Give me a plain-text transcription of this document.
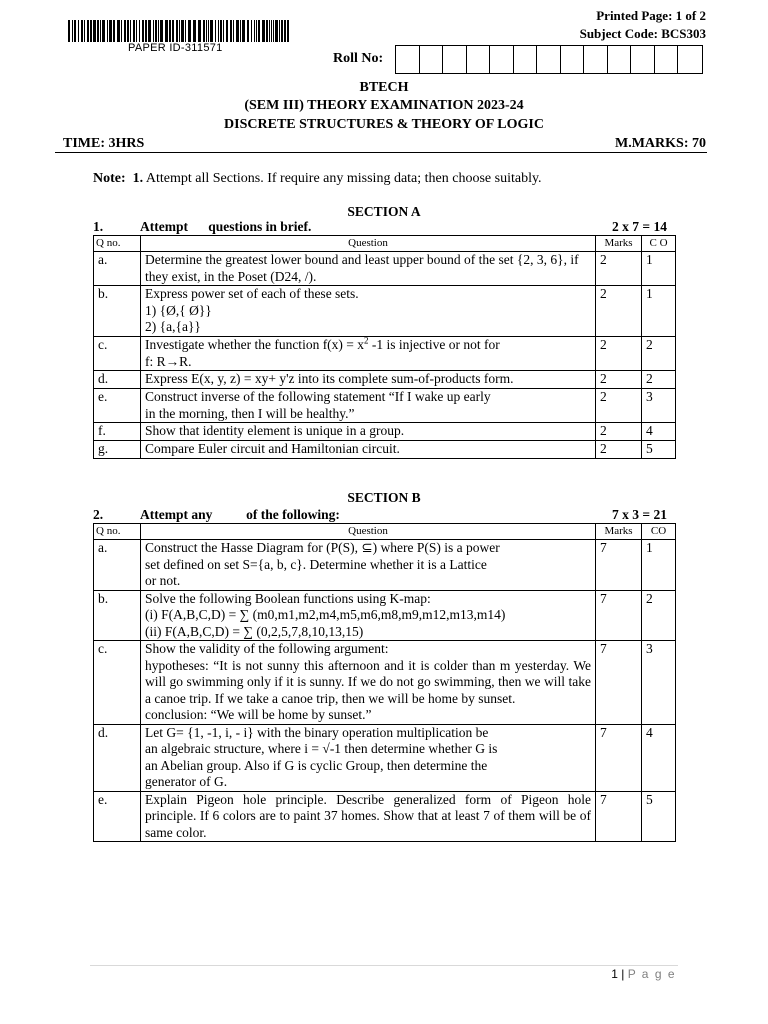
PAPER ID-311571
Printed Page: 1 of 2
Subject Code: BCS303
Roll No:
BTECH
(SEM III) THEORY EXAMINATION 2023-24
DISCRETE STRUCTURES & THEORY OF LOGIC
TIME: 3HRS	M.MARKS: 70
Note: 1. Attempt all Sections. If require any missing data; then choose suitably.
SECTION A
1.	Attempt      questions in brief.	2 x 7 = 14
Q no.	Question	Marks	C O
a.	Determine the greatest lower bound and least upper bound of the set {2, 3, 6}, if they exist, in the Poset (D24, /).	2	1
b.	Express power set of each of these sets.
1) {Ø,{ Ø}}
2) {a,{a}}	2	1
c.	Investigate whether the function $f(x) = x^2$ -1 is injective or not for
f: R→R.	2	2
d.	Express E(x, y, z) = xy+ y'z into its complete sum-of-products form.	2	2
e.	Construct inverse of the following statement “If I wake up early
in the morning, then I will be healthy.”	2	3
f.	Show that identity element is unique in a group.	2	4
g.	Compare Euler circuit and Hamiltonian circuit.	2	5
SECTION B
2.	Attempt any          of the following:	7 x 3 = 21
Q no.	Question	Marks	CO
a.	Construct the Hasse Diagram for (P(S), ⊆) where P(S) is a power
set defined on set S={a, b, c}. Determine whether it is a Lattice
or not.	7	1
b.	Solve the following Boolean functions using K-map:
(i) F(A,B,C,D) = ∑ (m0,m1,m2,m4,m5,m6,m8,m9,m12,m13,m14)
(ii) F(A,B,C,D) = ∑ (0,2,5,7,8,10,13,15)	7	2
c.	Show the validity of the following argument:
hypotheses: “It is not sunny this afternoon and it is colder than m yesterday. We will go swimming only if it is sunny. If we do not go swimming, then we will take a canoe trip. If we take a canoe trip, then we will be home by sunset.
conclusion: “We will be home by sunset.”	7	3
d.	Let G= {1, -1, i, - i} with the binary operation multiplication be
an algebraic structure, where i = √-1 then determine whether G is
an Abelian group. Also if G is cyclic Group, then determine the
generator of G.	7	4
e.	Explain Pigeon hole principle. Describe generalized form of Pigeon hole principle. If 6 colors are to paint 37 homes. Show that at least 7 of them will be of same color.	7	5
1 | P a g e
